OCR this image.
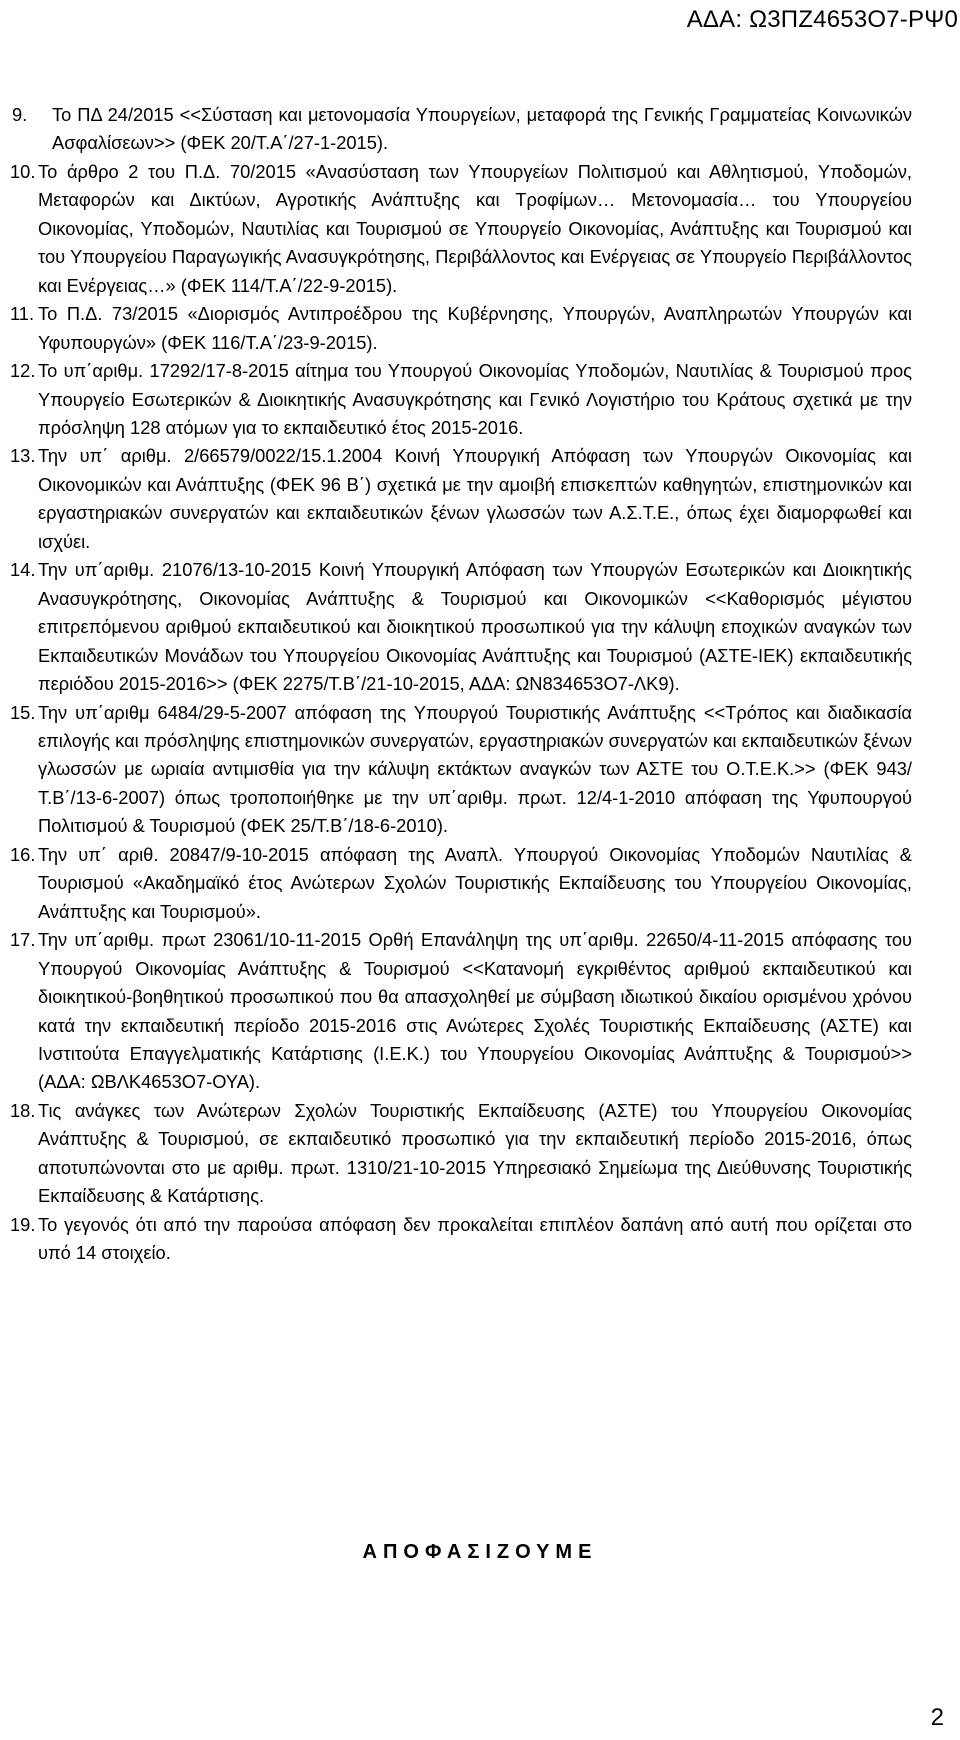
ΑΔΑ: Ω3ΠΖ4653Ο7-ΡΨ0
9.	Το ΠΔ 24/2015 <<Σύσταση και μετονομασία Υπουργείων, μεταφορά της Γενικής Γραμματείας Κοινωνικών Ασφαλίσεων>> (ΦΕΚ 20/Τ.Α΄/27-1-2015).
10. Το άρθρο 2 του Π.Δ. 70/2015 «Ανασύσταση των Υπουργείων Πολιτισμού και Αθλητισμού, Υποδομών, Μεταφορών και Δικτύων, Αγροτικής Ανάπτυξης και Τροφίμων… Μετονομασία… του Υπουργείου Οικονομίας, Υποδομών, Ναυτιλίας και Τουρισμού σε Υπουργείο Οικονομίας, Ανάπτυξης και Τουρισμού και του Υπουργείου Παραγωγικής Ανασυγκρότησης, Περιβάλλοντος και Ενέργειας σε Υπουργείο Περιβάλλοντος και Ενέργειας…» (ΦΕΚ 114/Τ.Α΄/22-9-2015).
11. Το Π.Δ. 73/2015 «Διορισμός Αντιπροέδρου της Κυβέρνησης, Υπουργών, Αναπληρωτών Υπουργών και Υφυπουργών» (ΦΕΚ 116/Τ.Α΄/23-9-2015).
12. Το υπ΄αριθμ. 17292/17-8-2015 αίτημα του Υπουργού Οικονομίας Υποδομών, Ναυτιλίας & Τουρισμού προς Υπουργείο Εσωτερικών & Διοικητικής Ανασυγκρότησης και Γενικό Λογιστήριο του Κράτους σχετικά με την πρόσληψη 128 ατόμων για το εκπαιδευτικό έτος 2015-2016.
13. Την υπ΄ αριθμ. 2/66579/0022/15.1.2004 Κοινή Υπουργική Απόφαση των Υπουργών Οικονομίας και Οικονομικών και Ανάπτυξης (ΦΕΚ 96 Β΄) σχετικά με την αμοιβή επισκεπτών καθηγητών, επιστημονικών και εργαστηριακών συνεργατών και εκπαιδευτικών ξένων γλωσσών των Α.Σ.Τ.Ε., όπως έχει διαμορφωθεί και ισχύει.
14. Την υπ΄αριθμ. 21076/13-10-2015 Κοινή Υπουργική Απόφαση των Υπουργών Εσωτερικών και Διοικητικής Ανασυγκρότησης, Οικονομίας Ανάπτυξης & Τουρισμού και Οικονομικών <<Καθορισμός μέγιστου επιτρεπόμενου αριθμού εκπαιδευτικού και διοικητικού προσωπικού για την κάλυψη εποχικών αναγκών των Εκπαιδευτικών Μονάδων του Υπουργείου Οικονομίας Ανάπτυξης και Τουρισμού (ΑΣΤΕ-ΙΕΚ) εκπαιδευτικής περιόδου 2015-2016>> (ΦΕΚ 2275/Τ.Β΄/21-10-2015, ΑΔΑ: ΩΝ834653Ο7-ΛΚ9).
15. Την υπ΄αριθμ 6484/29-5-2007 απόφαση της Υπουργού Τουριστικής Ανάπτυξης <<Τρόπος και διαδικασία επιλογής και πρόσληψης επιστημονικών συνεργατών, εργαστηριακών συνεργατών και εκπαιδευτικών ξένων γλωσσών με ωριαία αντιμισθία για την κάλυψη εκτάκτων αναγκών των ΑΣΤΕ του Ο.Τ.Ε.Κ.>> (ΦΕΚ 943/Τ.Β΄/13-6-2007) όπως τροποποιήθηκε με την υπ΄αριθμ. πρωτ. 12/4-1-2010 απόφαση της Υφυπουργού Πολιτισμού & Τουρισμού (ΦΕΚ 25/Τ.Β΄/18-6-2010).
16. Την υπ΄ αριθ. 20847/9-10-2015 απόφαση της Αναπλ. Υπουργού Οικονομίας Υποδομών Ναυτιλίας & Τουρισμού «Ακαδημαϊκό έτος Ανώτερων Σχολών Τουριστικής Εκπαίδευσης του Υπουργείου Οικονομίας, Ανάπτυξης και Τουρισμού».
17. Την υπ΄αριθμ. πρωτ 23061/10-11-2015 Ορθή Επανάληψη της υπ΄αριθμ. 22650/4-11-2015 απόφασης του Υπουργού Οικονομίας Ανάπτυξης & Τουρισμού <<Κατανομή εγκριθέντος αριθμού εκπαιδευτικού και διοικητικού-βοηθητικού προσωπικού που θα απασχοληθεί με σύμβαση ιδιωτικού δικαίου ορισμένου χρόνου κατά την εκπαιδευτική περίοδο 2015-2016 στις Ανώτερες Σχολές Τουριστικής Εκπαίδευσης (ΑΣΤΕ) και Ινστιτούτα Επαγγελματικής Κατάρτισης (Ι.Ε.Κ.) του Υπουργείου Οικονομίας Ανάπτυξης & Τουρισμού>> (ΑΔΑ: ΩΒΛΚ4653Ο7-ΟΥΑ).
18. Τις ανάγκες των Ανώτερων Σχολών Τουριστικής Εκπαίδευσης (ΑΣΤΕ) του Υπουργείου Οικονομίας Ανάπτυξης & Τουρισμού, σε εκπαιδευτικό προσωπικό για την εκπαιδευτική περίοδο 2015-2016, όπως αποτυπώνονται στο με αριθμ. πρωτ. 1310/21-10-2015 Υπηρεσιακό Σημείωμα της Διεύθυνσης Τουριστικής Εκπαίδευσης & Κατάρτισης.
19. Το γεγονός ότι από την παρούσα απόφαση δεν προκαλείται επιπλέον δαπάνη από αυτή που ορίζεται στο υπό 14 στοιχείο.
ΑΠΟΦΑΣΙΖΟΥΜΕ
2
